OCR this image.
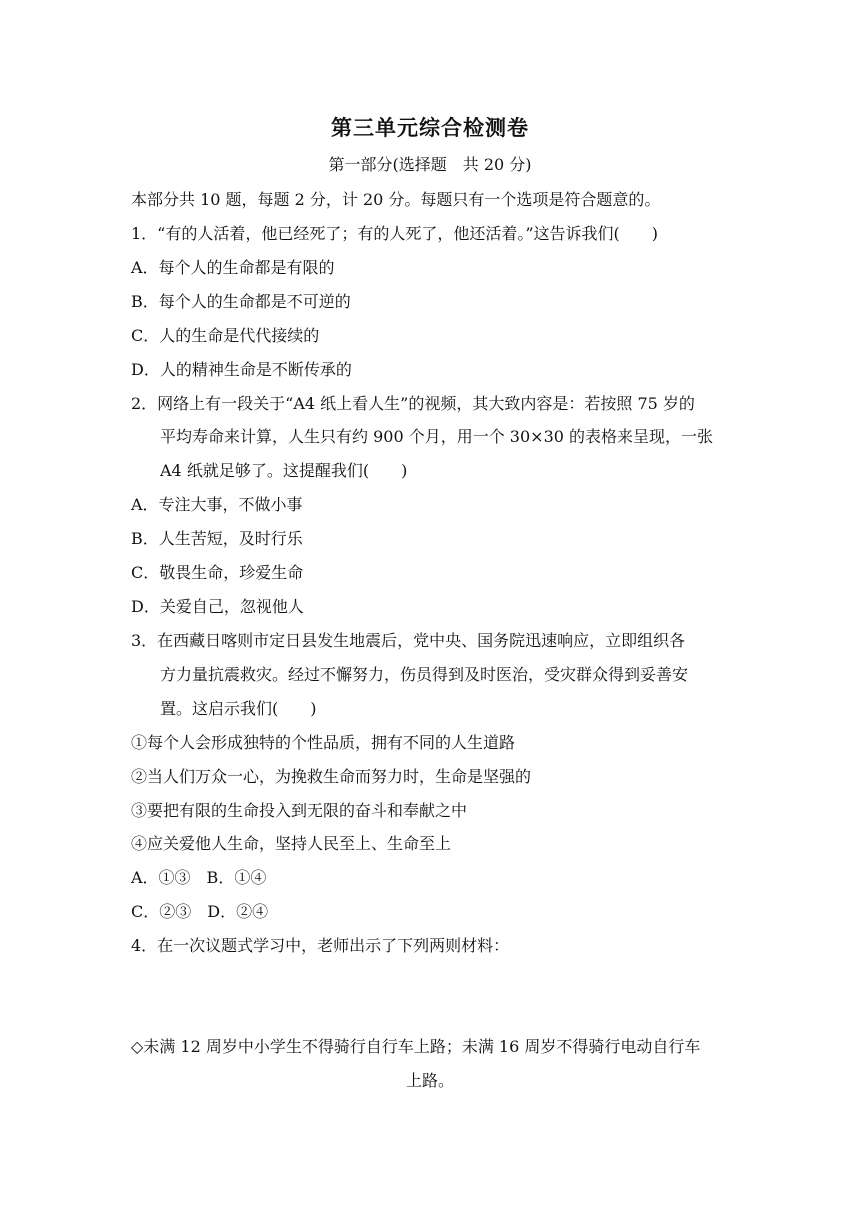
第三单元综合检测卷
第一部分(选择题　共 20 分)
本部分共 10 题，每题 2 分，计 20 分。每题只有一个选项是符合题意的。
1．“有的人活着，他已经死了；有的人死了，他还活着。”这告诉我们(　　)
A．每个人的生命都是有限的
B．每个人的生命都是不可逆的
C．人的生命是代代接续的
D．人的精神生命是不断传承的
2．网络上有一段关于“A4 纸上看人生”的视频，其大致内容是：若按照 75 岁的
平均寿命来计算，人生只有约 900 个月，用一个 30×30 的表格来呈现，一张
A4 纸就足够了。这提醒我们(　　)
A．专注大事，不做小事
B．人生苦短，及时行乐
C．敬畏生命，珍爱生命
D．关爱自己，忽视他人
3．在西藏日喀则市定日县发生地震后，党中央、国务院迅速响应，立即组织各
方力量抗震救灾。经过不懈努力，伤员得到及时医治，受灾群众得到妥善安
置。这启示我们(　　)
①每个人会形成独特的个性品质，拥有不同的人生道路
②当人们万众一心，为挽救生命而努力时，生命是坚强的
③要把有限的生命投入到无限的奋斗和奉献之中
④应关爱他人生命，坚持人民至上、生命至上
A．①③　B．①④
C．②③　D．②④
4．在一次议题式学习中，老师出示了下列两则材料：
◇未满 12 周岁中小学生不得骑行自行车上路；未满 16 周岁不得骑行电动自行车
上路。
